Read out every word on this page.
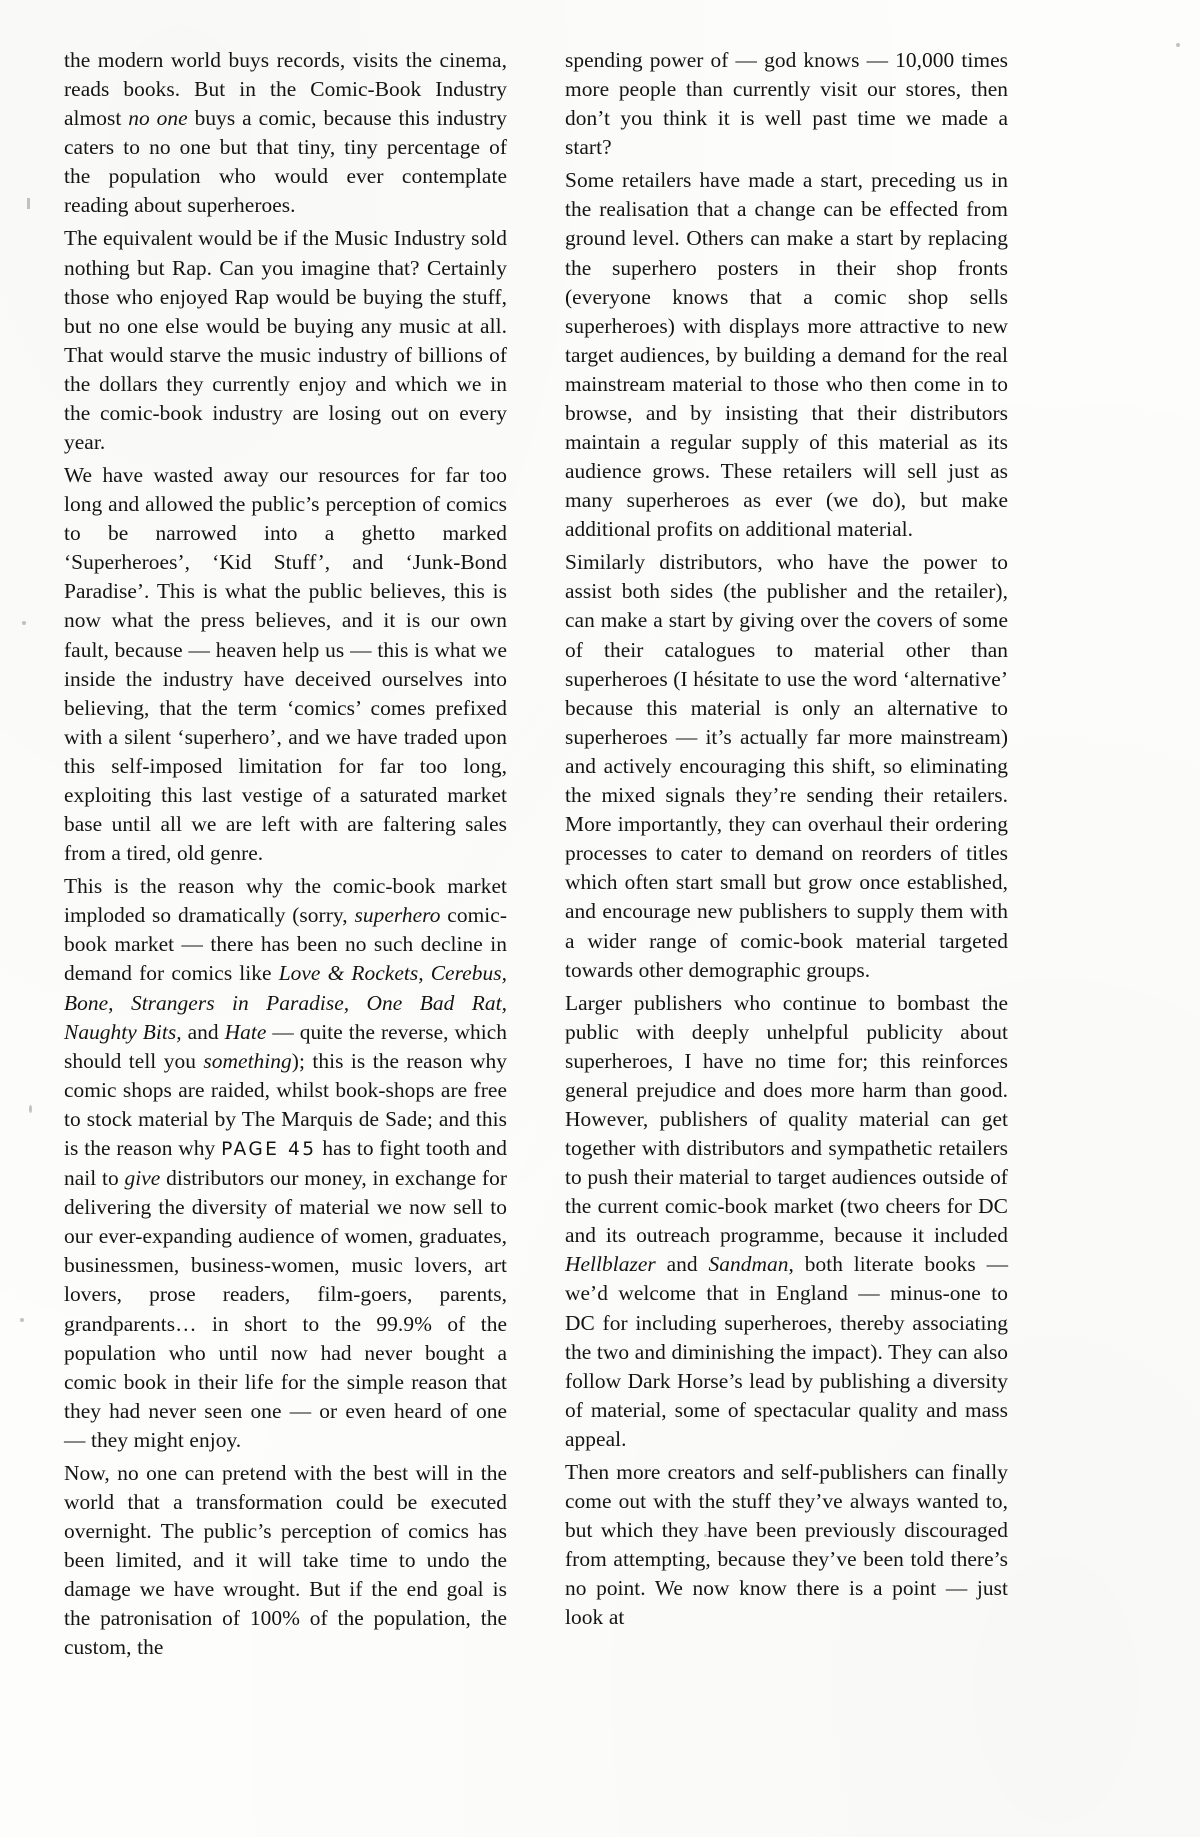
the modern world buys records, visits the cinema, reads books. But in the Comic-Book Industry almost no one buys a comic, because this industry caters to no one but that tiny, tiny percentage of the population who would ever contemplate reading about superheroes.

The equivalent would be if the Music Industry sold nothing but Rap. Can you imagine that? Certainly those who enjoyed Rap would be buying the stuff, but no one else would be buying any music at all. That would starve the music industry of billions of the dollars they currently enjoy and which we in the comic-book industry are losing out on every year.

We have wasted away our resources for far too long and allowed the public’s perception of comics to be narrowed into a ghetto marked ‘Superheroes’, ‘Kid Stuff’, and ‘Junk-Bond Paradise’. This is what the public believes, this is now what the press believes, and it is our own fault, because — heaven help us — this is what we inside the industry have deceived ourselves into believing, that the term ‘comics’ comes prefixed with a silent ‘superhero’, and we have traded upon this self-imposed limitation for far too long, exploiting this last vestige of a saturated market base until all we are left with are faltering sales from a tired, old genre.

This is the reason why the comic-book market imploded so dramatically (sorry, superhero comic-book market — there has been no such decline in demand for comics like Love & Rockets, Cerebus, Bone, Strangers in Paradise, One Bad Rat, Naughty Bits, and Hate — quite the reverse, which should tell you something); this is the reason why comic shops are raided, whilst book-shops are free to stock material by The Marquis de Sade; and this is the reason why PAGE 45 has to fight tooth and nail to give distributors our money, in exchange for delivering the diversity of material we now sell to our ever-expanding audience of women, graduates, businessmen, business-women, music lovers, art lovers, prose readers, film-goers, parents, grandparents… in short to the 99.9% of the population who until now had never bought a comic book in their life for the simple reason that they had never seen one — or even heard of one — they might enjoy.

Now, no one can pretend with the best will in the world that a transformation could be executed overnight. The public’s perception of comics has been limited, and it will take time to undo the damage we have wrought. But if the end goal is the patronisation of 100% of the population, the custom, the

spending power of — god knows — 10,000 times more people than currently visit our stores, then don’t you think it is well past time we made a start?

Some retailers have made a start, preceding us in the realisation that a change can be effected from ground level. Others can make a start by replacing the superhero posters in their shop fronts (everyone knows that a comic shop sells superheroes) with displays more attractive to new target audiences, by building a demand for the real mainstream material to those who then come in to browse, and by insisting that their distributors maintain a regular supply of this material as its audience grows. These retailers will sell just as many superheroes as ever (we do), but make additional profits on additional material.

Similarly distributors, who have the power to assist both sides (the publisher and the retailer), can make a start by giving over the covers of some of their catalogues to material other than superheroes (I hésitate to use the word ‘alternative’ because this material is only an alternative to superheroes — it’s actually far more mainstream) and actively encouraging this shift, so eliminating the mixed signals they’re sending their retailers. More importantly, they can overhaul their ordering processes to cater to demand on reorders of titles which often start small but grow once established, and encourage new publishers to supply them with a wider range of comic-book material targeted towards other demographic groups.

Larger publishers who continue to bombast the public with deeply unhelpful publicity about superheroes, I have no time for; this reinforces general prejudice and does more harm than good. However, publishers of quality material can get together with distributors and sympathetic retailers to push their material to target audiences outside of the current comic-book market (two cheers for DC and its outreach programme, because it included Hellblazer and Sandman, both literate books — we’d welcome that in England — minus-one to DC for including superheroes, thereby associating the two and diminishing the impact). They can also follow Dark Horse’s lead by publishing a diversity of material, some of spectacular quality and mass appeal.

Then more creators and self-publishers can finally come out with the stuff they’ve always wanted to, but which they have been previously discouraged from attempting, because they’ve been told there’s no point. We now know there is a point — just look at
